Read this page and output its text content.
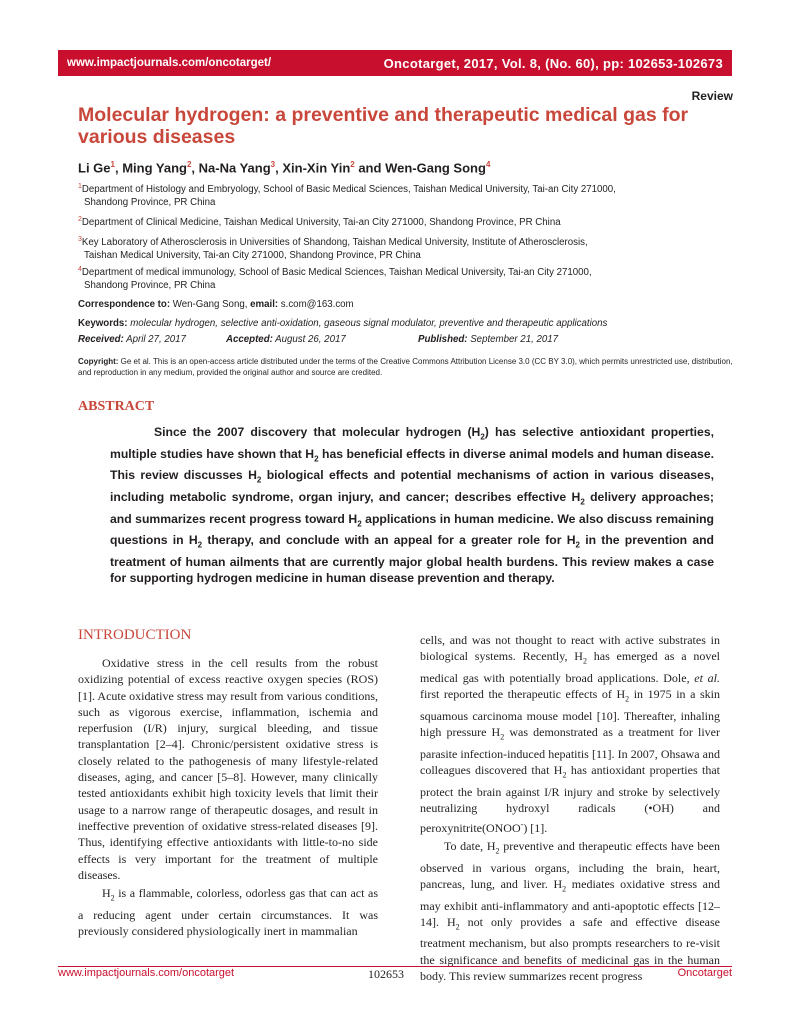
www.impactjournals.com/oncotarget/	Oncotarget, 2017, Vol. 8, (No. 60), pp: 102653-102673
Review
Molecular hydrogen: a preventive and therapeutic medical gas for various diseases
Li Ge$^1$, Ming Yang$^2$, Na-Na Yang$^3$, Xin-Xin Yin$^2$ and Wen-Gang Song$^4$
$^1$Department of Histology and Embryology, School of Basic Medical Sciences, Taishan Medical University, Tai-an City 271000,
Shandong Province, PR China
$^2$Department of Clinical Medicine, Taishan Medical University, Tai-an City 271000, Shandong Province, PR China
$^3$Key Laboratory of Atherosclerosis in Universities of Shandong, Taishan Medical University, Institute of Atherosclerosis,
Taishan Medical University, Tai-an City 271000, Shandong Province, PR China
$^4$Department of medical immunology, School of Basic Medical Sciences, Taishan Medical University, Tai-an City 271000,
Shandong Province, PR China
Correspondence to: Wen-Gang Song, email: s.com@163.com
Keywords: molecular hydrogen, selective anti-oxidation, gaseous signal modulator, preventive and therapeutic applications
Received: April 27, 2017	Accepted: August 26, 2017	Published: September 21, 2017
Copyright: Ge et al. This is an open-access article distributed under the terms of the Creative Commons Attribution License 3.0 (CC BY 3.0), which permits unrestricted use, distribution, and reproduction in any medium, provided the original author and source are credited.
ABSTRACT

Since the 2007 discovery that molecular hydrogen $(H_2)$ has selective antioxidant properties, multiple studies have shown that $H_2$ has beneficial effects in diverse animal models and human disease. This review discusses $H_2$ biological effects and potential mechanisms of action in various diseases, including metabolic syndrome, organ injury, and cancer; describes effective $H_2$ delivery approaches; and summarizes recent progress toward $H_2$ applications in human medicine. We also discuss remaining questions in $H_2$ therapy, and conclude with an appeal for a greater role for $H_2$ in the prevention and treatment of human ailments that are currently major global health burdens. This review makes a case for supporting hydrogen medicine in human disease prevention and therapy.

INTRODUCTION

Oxidative stress in the cell results from the robust oxidizing potential of excess reactive oxygen species (ROS) [1]. Acute oxidative stress may result from various conditions, such as vigorous exercise, inflammation, ischemia and reperfusion (I/R) injury, surgical bleeding, and tissue transplantation [2–4]. Chronic/persistent oxidative stress is closely related to the pathogenesis of many lifestyle-related diseases, aging, and cancer [5–8]. However, many clinically tested antioxidants exhibit high toxicity levels that limit their usage to a narrow range of therapeutic dosages, and result in ineffective prevention of oxidative stress-related diseases [9]. Thus, identifying effective antioxidants with little-to-no side effects is very important for the treatment of multiple diseases.

$H_2$ is a flammable, colorless, odorless gas that can act as a reducing agent under certain circumstances. It was previously considered physiologically inert in mammalian

cells, and was not thought to react with active substrates in biological systems. Recently, $H_2$ has emerged as a novel medical gas with potentially broad applications. Dole, et al. first reported the therapeutic effects of $H_2$ in 1975 in a skin squamous carcinoma mouse model [10]. Thereafter, inhaling high pressure $H_2$ was demonstrated as a treatment for liver parasite infection-induced hepatitis [11]. In 2007, Ohsawa and colleagues discovered that $H_2$ has antioxidant properties that protect the brain against I/R injury and stroke by selectively neutralizing hydroxyl radicals (•OH) and peroxynitrite(ONOO-) [1].

To date, $H_2$ preventive and therapeutic effects have been observed in various organs, including the brain, heart, pancreas, lung, and liver. $H_2$ mediates oxidative stress and may exhibit anti-inflammatory and anti-apoptotic effects [12–14]. $H_2$ not only provides a safe and effective disease treatment mechanism, but also prompts researchers to re-visit the significance and benefits of medicinal gas in the human body. This review summarizes recent progress

www.impactjournals.com/oncotarget	102653	Oncotarget
